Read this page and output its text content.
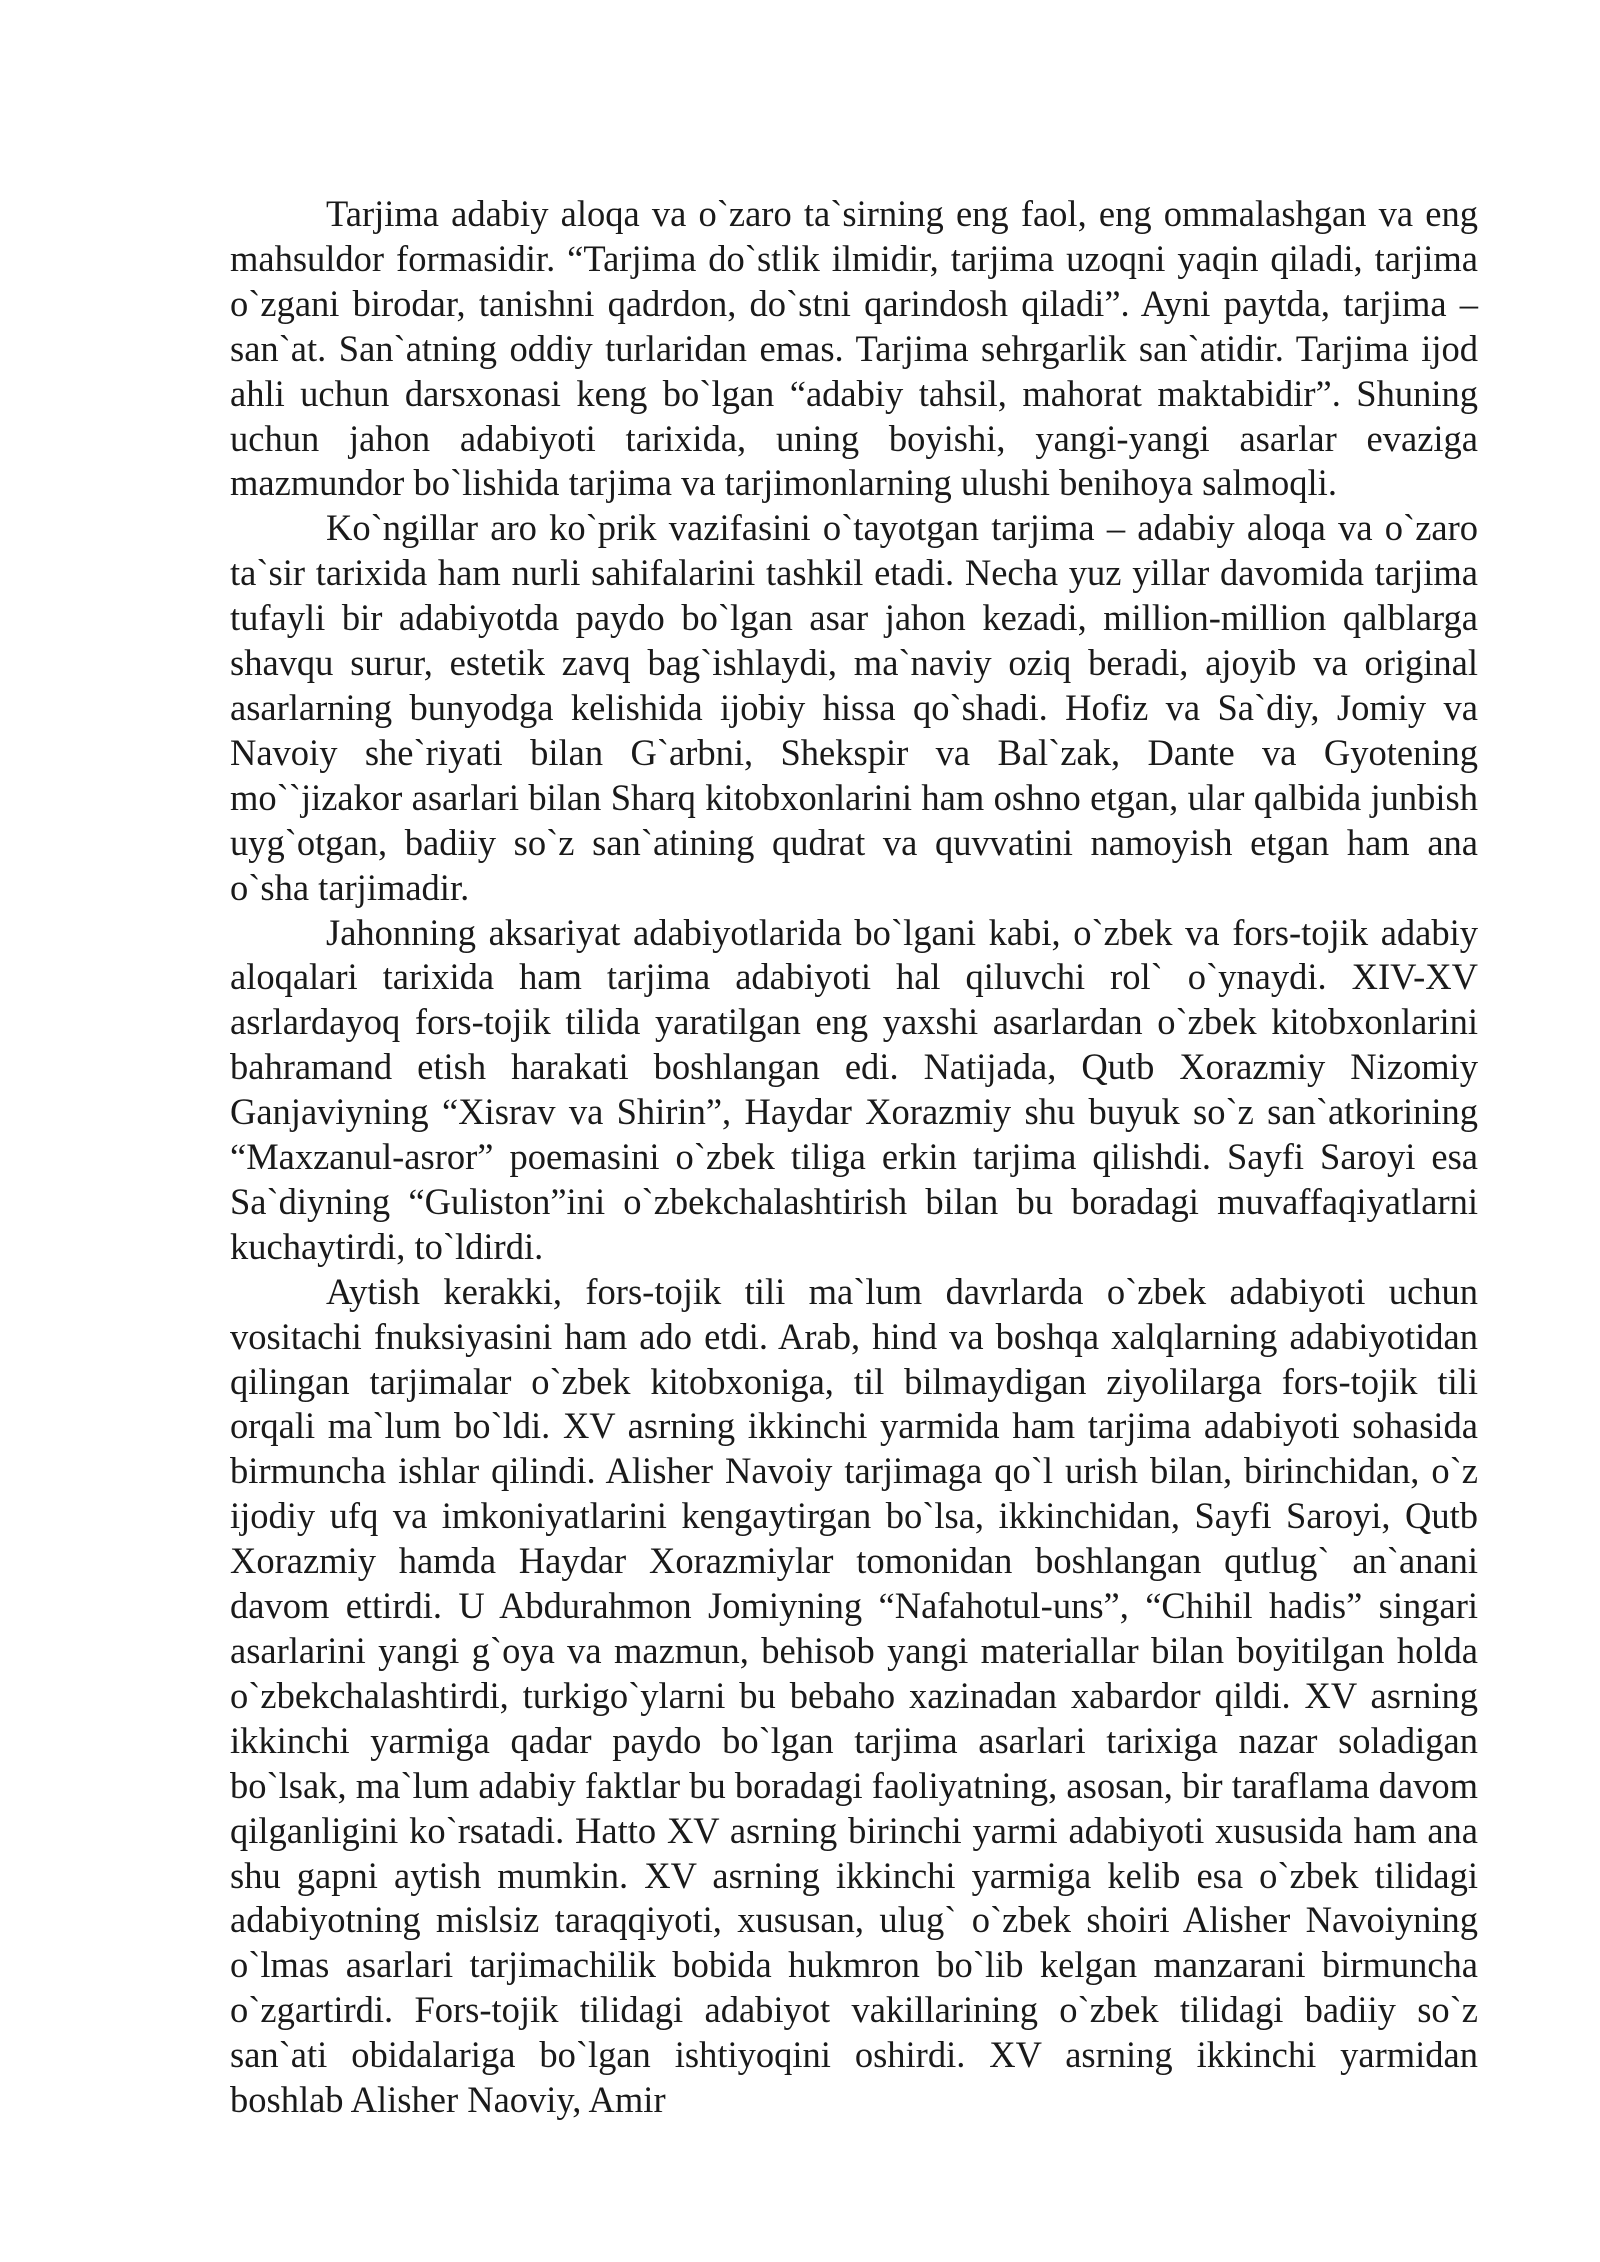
Tarjima adabiy aloqa va o`zaro ta`sirning eng faol, eng ommalashgan va eng mahsuldor formasidir. “Tarjima do`stlik ilmidir, tarjima uzoqni yaqin qiladi, tarjima o`zgani birodar, tanishni qadrdon, do`stni qarindosh qiladi”. Ayni paytda, tarjima – san`at. San`atning oddiy turlaridan emas. Tarjima sehrgarlik san`atidir. Tarjima ijod ahli uchun darsxonasi keng bo`lgan “adabiy tahsil, mahorat maktabidir”. Shuning uchun jahon adabiyoti tarixida, uning boyishi, yangi-yangi asarlar evaziga mazmundor bo`lishida tarjima va tarjimonlarning ulushi benihoya salmoqli.

Ko`ngillar aro ko`prik vazifasini o`tayotgan tarjima – adabiy aloqa va o`zaro ta`sir tarixida ham nurli sahifalarini tashkil etadi. Necha yuz yillar davomida tarjima tufayli bir adabiyotda paydo bo`lgan asar jahon kezadi, million-million qalblarga shavqu surur, estetik zavq bag`ishlaydi, ma`naviy oziq beradi, ajoyib va original asarlarning bunyodga kelishida ijobiy hissa qo`shadi. Hofiz va Sa`diy, Jomiy va Navoiy she`riyati bilan G`arbni, Shekspir va Bal`zak, Dante va Gyotening mo``jizakor asarlari bilan Sharq kitobxonlarini ham oshno etgan, ular qalbida junbish uyg`otgan, badiiy so`z san`atining qudrat va quvvatini namoyish etgan ham ana o`sha tarjimadir.

Jahonning aksariyat adabiyotlarida bo`lgani kabi, o`zbek va fors-tojik adabiy aloqalari tarixida ham tarjima adabiyoti hal qiluvchi rol` o`ynaydi. XIV-XV asrlardayoq fors-tojik tilida yaratilgan eng yaxshi asarlardan o`zbek kitobxonlarini bahramand etish harakati boshlangan edi. Natijada, Qutb Xorazmiy Nizomiy Ganjaviyning “Xisrav va Shirin”, Haydar Xorazmiy shu buyuk so`z san`atkorining “Maxzanul-asror” poemasini o`zbek tiliga erkin tarjima qilishdi. Sayfi Saroyi esa Sa`diyning “Guliston”ini o`zbekchalashtirish bilan bu boradagi muvaffaqiyatlarni kuchaytirdi, to`ldirdi.

Aytish kerakki, fors-tojik tili ma`lum davrlarda o`zbek adabiyoti uchun vositachi fnuksiyasini ham ado etdi. Arab, hind va boshqa xalqlarning adabiyotidan qilingan tarjimalar o`zbek kitobxoniga, til bilmaydigan ziyolilarga fors-tojik tili orqali ma`lum bo`ldi. XV asrning ikkinchi yarmida ham tarjima adabiyoti sohasida birmuncha ishlar qilindi. Alisher Navoiy tarjimaga qo`l urish bilan, birinchidan, o`z ijodiy ufq va imkoniyatlarini kengaytirgan bo`lsa, ikkinchidan, Sayfi Saroyi, Qutb Xorazmiy hamda Haydar Xorazmiylar tomonidan boshlangan qutlug` an`anani davom ettirdi. U Abdurahmon Jomiyning “Nafahotul-uns”, “Chihil hadis” singari asarlarini yangi g`oya va mazmun, behisob yangi materiallar bilan boyitilgan holda o`zbekchalashtirdi, turkigo`ylarni bu bebaho xazinadan xabardor qildi. XV asrning ikkinchi yarmiga qadar paydo bo`lgan tarjima asarlari tarixiga nazar soladigan bo`lsak, ma`lum adabiy faktlar bu boradagi faoliyatning, asosan, bir taraflama davom qilganligini ko`rsatadi. Hatto XV asrning birinchi yarmi adabiyoti xususida ham ana shu gapni aytish mumkin. XV asrning ikkinchi yarmiga kelib esa o`zbek tilidagi adabiyotning mislsiz taraqqiyoti, xususan, ulug` o`zbek shoiri Alisher Navoiyning o`lmas asarlari tarjimachilik bobida hukmron bo`lib kelgan manzarani birmuncha o`zgartirdi. Fors-tojik tilidagi adabiyot vakillarining o`zbek tilidagi badiiy so`z san`ati obidalariga bo`lgan ishtiyoqini oshirdi. XV asrning ikkinchi yarmidan boshlab Alisher Naoviy, Amir
